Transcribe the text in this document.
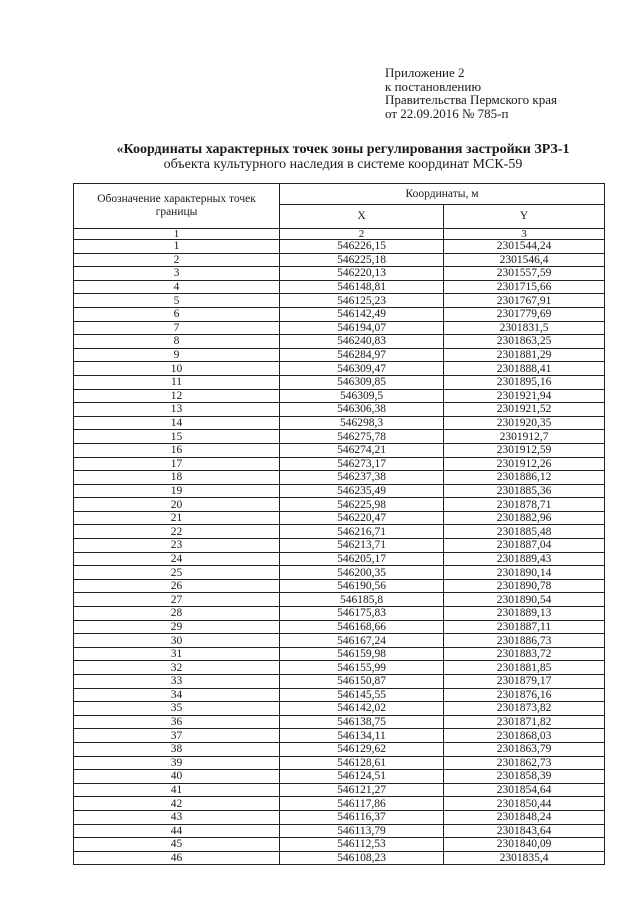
Приложение 2
к постановлению
Правительства Пермского края
от 22.09.2016 № 785-п
«Координаты характерных точек зоны регулирования застройки ЗРЗ-1
объекта культурного наследия в системе координат МСК-59
Обозначение характерных точек границы	Координаты, м	
	X	Y
1	2	3
1	546226,15	2301544,24
2	546225,18	2301546,4
3	546220,13	2301557,59
4	546148,81	2301715,66
5	546125,23	2301767,91
6	546142,49	2301779,69
7	546194,07	2301831,5
8	546240,83	2301863,25
9	546284,97	2301881,29
10	546309,47	2301888,41
11	546309,85	2301895,16
12	546309,5	2301921,94
13	546306,38	2301921,52
14	546298,3	2301920,35
15	546275,78	2301912,7
16	546274,21	2301912,59
17	546273,17	2301912,26
18	546237,38	2301886,12
19	546235,49	2301885,36
20	546225,98	2301878,71
21	546220,47	2301882,96
22	546216,71	2301885,48
23	546213,71	2301887,04
24	546205,17	2301889,43
25	546200,35	2301890,14
26	546190,56	2301890,78
27	546185,8	2301890,54
28	546175,83	2301889,13
29	546168,66	2301887,11
30	546167,24	2301886,73
31	546159,98	2301883,72
32	546155,99	2301881,85
33	546150,87	2301879,17
34	546145,55	2301876,16
35	546142,02	2301873,82
36	546138,75	2301871,82
37	546134,11	2301868,03
38	546129,62	2301863,79
39	546128,61	2301862,73
40	546124,51	2301858,39
41	546121,27	2301854,64
42	546117,86	2301850,44
43	546116,37	2301848,24
44	546113,79	2301843,64
45	546112,53	2301840,09
46	546108,23	2301835,4
